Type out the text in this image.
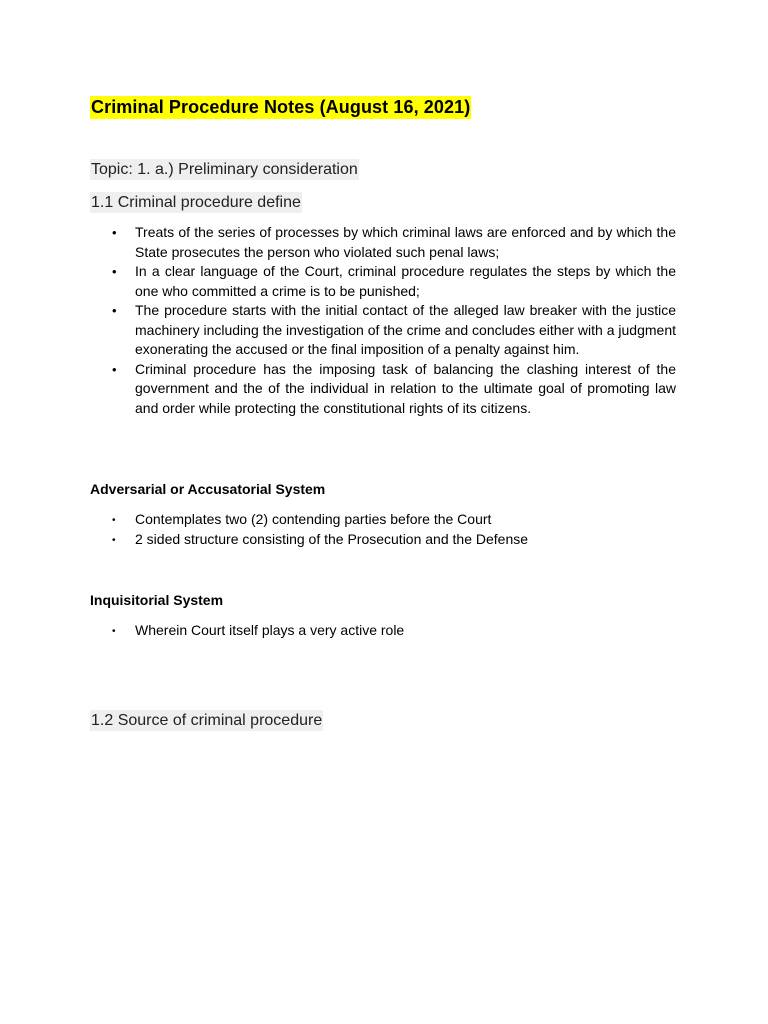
Criminal Procedure Notes (August 16, 2021)

Topic: 1. a.) Preliminary consideration

1.1 Criminal procedure define

• Treats of the series of processes by which criminal laws are enforced and by which the State prosecutes the person who violated such penal laws;
• In a clear language of the Court, criminal procedure regulates the steps by which the one who committed a crime is to be punished;
• The procedure starts with the initial contact of the alleged law breaker with the justice machinery including the investigation of the crime and concludes either with a judgment exonerating the accused or the final imposition of a penalty against him.
• Criminal procedure has the imposing task of balancing the clashing interest of the government and the of the individual in relation to the ultimate goal of promoting law and order while protecting the constitutional rights of its citizens.

Adversarial or Accusatorial System

• Contemplates two (2) contending parties before the Court
• 2 sided structure consisting of the Prosecution and the Defense

Inquisitorial System

• Wherein Court itself plays a very active role

1.2 Source of criminal procedure
